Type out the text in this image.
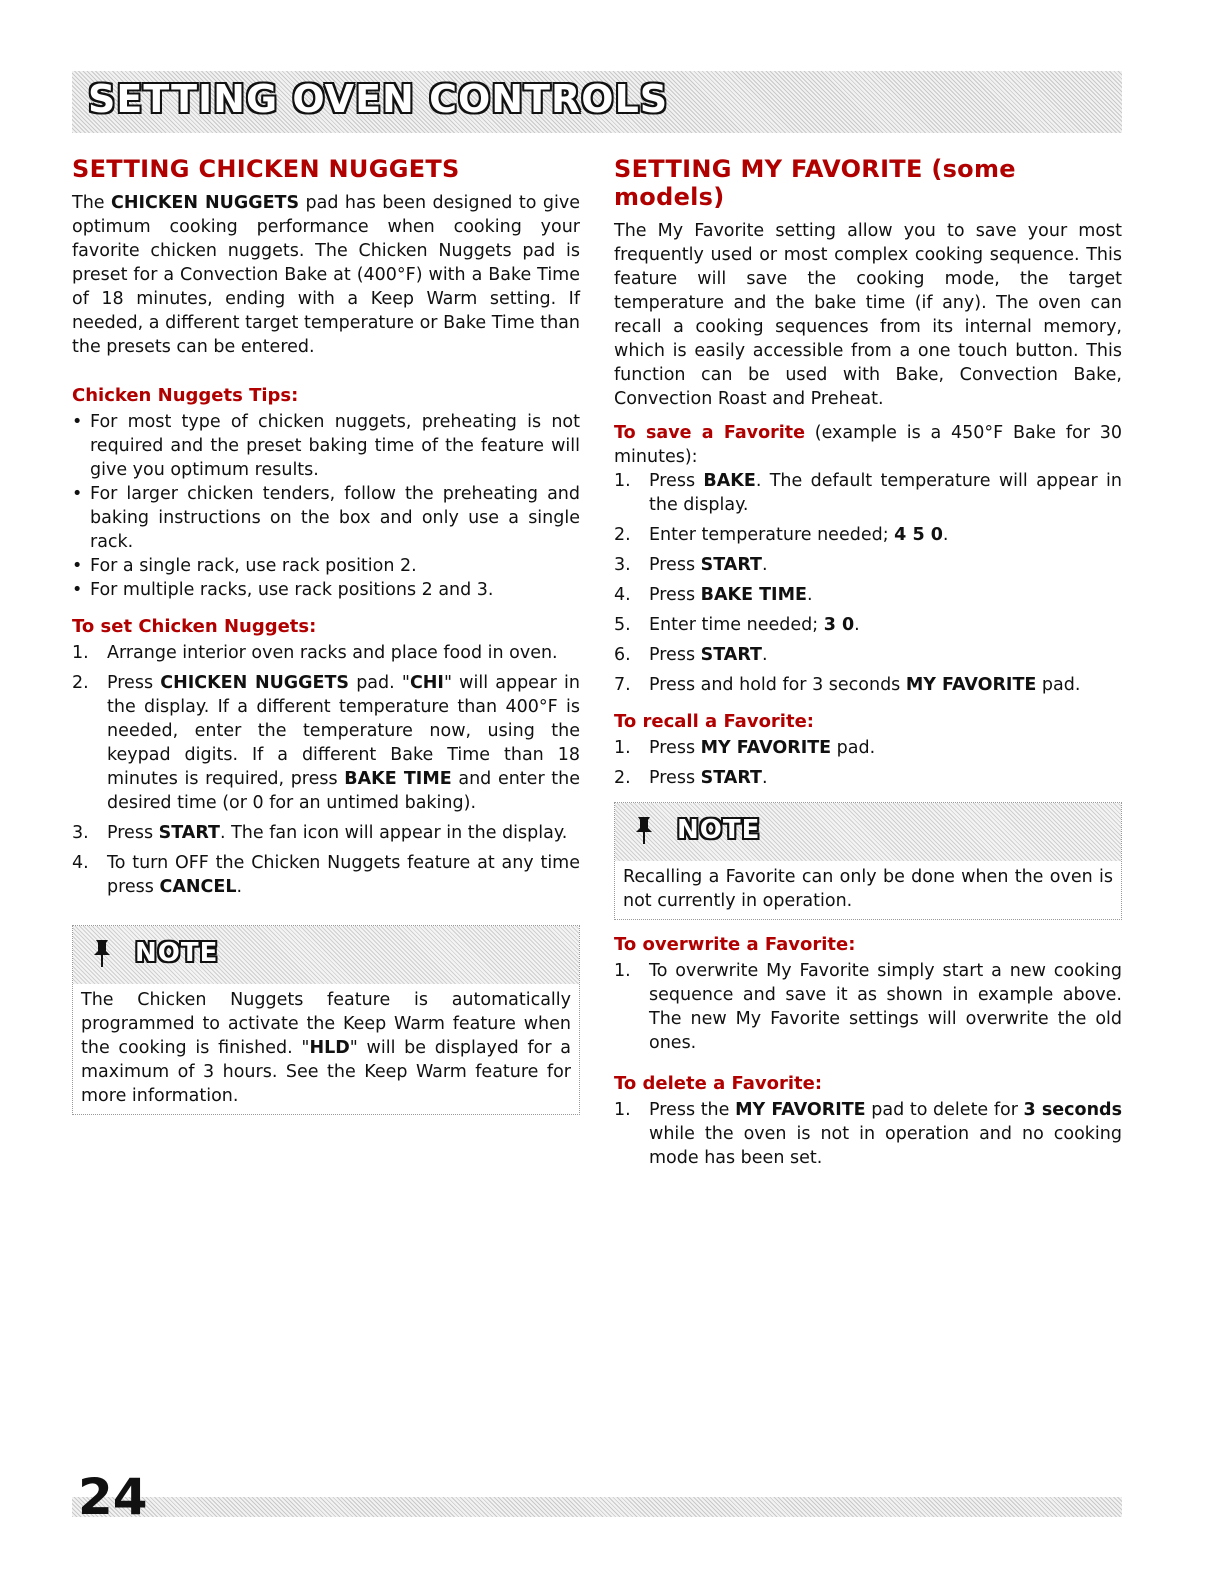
SETTING OVEN CONTROLS
SETTING CHICKEN NUGGETS

The CHICKEN NUGGETS pad has been designed to give optimum cooking performance when cooking your favorite chicken nuggets. The Chicken Nuggets pad is preset for a Convection Bake at (400°F) with a Bake Time of 18 minutes, ending with a Keep Warm setting. If needed, a different target temperature or Bake Time than the presets can be entered.

Chicken Nuggets Tips:
• For most type of chicken nuggets, preheating is not required and the preset baking time of the feature will give you optimum results.
• For larger chicken tenders, follow the preheating and baking instructions on the box and only use a single rack.
• For a single rack, use rack position 2.
• For multiple racks, use rack positions 2 and 3.
To set Chicken Nuggets:
1. Arrange interior oven racks and place food in oven.
2. Press CHICKEN NUGGETS pad. "CHI" will appear in the display. If a different temperature than 400°F is needed, enter the temperature now, using the keypad digits. If a different Bake Time than 18 minutes is required, press BAKE TIME and enter the desired time (or 0 for an untimed baking).
3. Press START. The fan icon will appear in the display.
4. To turn OFF the Chicken Nuggets feature at any time press CANCEL.
NOTE
The Chicken Nuggets feature is automatically programmed to activate the Keep Warm feature when the cooking is finished. "HLD" will be displayed for a maximum of 3 hours. See the Keep Warm feature for more information.
SETTING MY FAVORITE (some models)

The My Favorite setting allow you to save your most frequently used or most complex cooking sequence. This feature will save the cooking mode, the target temperature and the bake time (if any). The oven can recall a cooking sequences from its internal memory, which is easily accessible from a one touch button. This function can be used with Bake, Convection Bake, Convection Roast and Preheat.

To save a Favorite (example is a 450°F Bake for 30 minutes):

1. Press BAKE. The default temperature will appear in the display.
2. Enter temperature needed; 4 5 0.
3. Press START.
4. Press BAKE TIME.
5. Enter time needed; 3 0.
6. Press START.
7. Press and hold for 3 seconds MY FAVORITE pad.
To recall a Favorite:
1. Press MY FAVORITE pad.
2. Press START.
NOTE
Recalling a Favorite can only be done when the oven is not currently in operation.
To overwrite a Favorite:
1. To overwrite My Favorite simply start a new cooking sequence and save it as shown in example above. The new My Favorite settings will overwrite the old ones.
To delete a Favorite:
1. Press the MY FAVORITE pad to delete for 3 seconds while the oven is not in operation and no cooking mode has been set.
24
